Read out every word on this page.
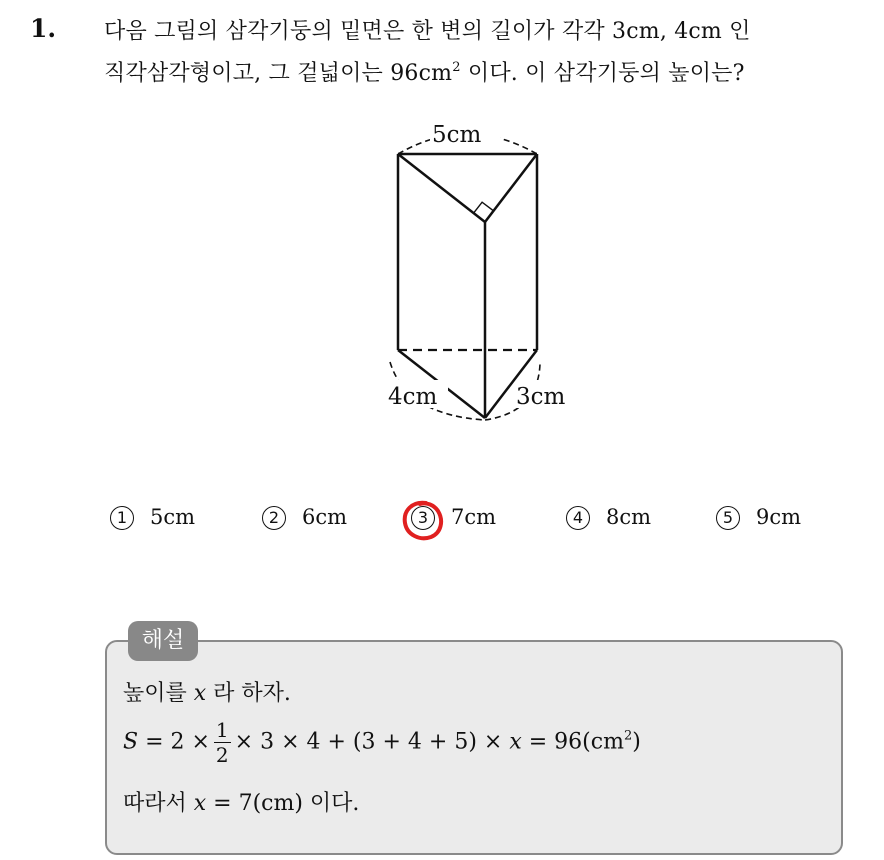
1. 다음 그림의 삼각기둥의 밑면은 한 변의 길이가 각각 3cm, 4cm 인
직각삼각형이고, 그 겉넓이는 $96cm^2$ 이다. 이 삼각기둥의 높이는?
5cm
4cm	3cm
1 5cm	2 6cm	3 7cm	4 8cm	5 9cm
해설
높이를 x 라 하자.
$S = 2 \times \frac{1}{2} \times 3 \times 4 + (3 + 4 + 5) \times x = 96(cm^2)$
따라서 x = 7(cm) 이다.
